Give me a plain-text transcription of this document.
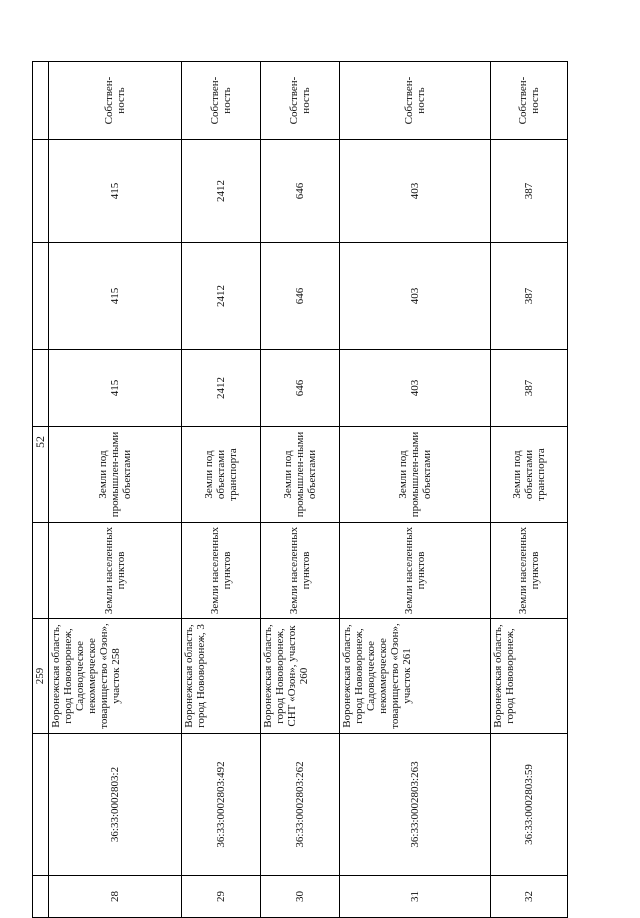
52
		259						
28	36:33:0002803:2	Воронежская область, город Нововоронеж, Садоводческое некоммерческое товарищество «Озон», участок 258	Земли населенных пунктов	Земли под промышлен-ными объектами	415	415	415	Собствен-ность
29	36:33:0002803:492	Воронежская область, город Нововоронеж, 3	Земли населенных пунктов	Земли под объектами транспорта	2412	2412	2412	Собствен-ность
30	36:33:0002803:262	Воронежская область, город Нововоронеж, СНТ «Озон», участок 260	Земли населенных пунктов	Земли под промышлен-ными объектами	646	646	646	Собствен-ность
31	36:33:0002803:263	Воронежская область, город Нововоронеж, Садоводческое некоммерческое товарищество «Озон», участок 261	Земли населенных пунктов	Земли под промышлен-ными объектами	403	403	403	Собствен-ность
32	36:33:0002803:59	Воронежская область, город Нововоронеж,	Земли населенных пунктов	Земли под объектами транспорта	387	387	387	Собствен-ность
